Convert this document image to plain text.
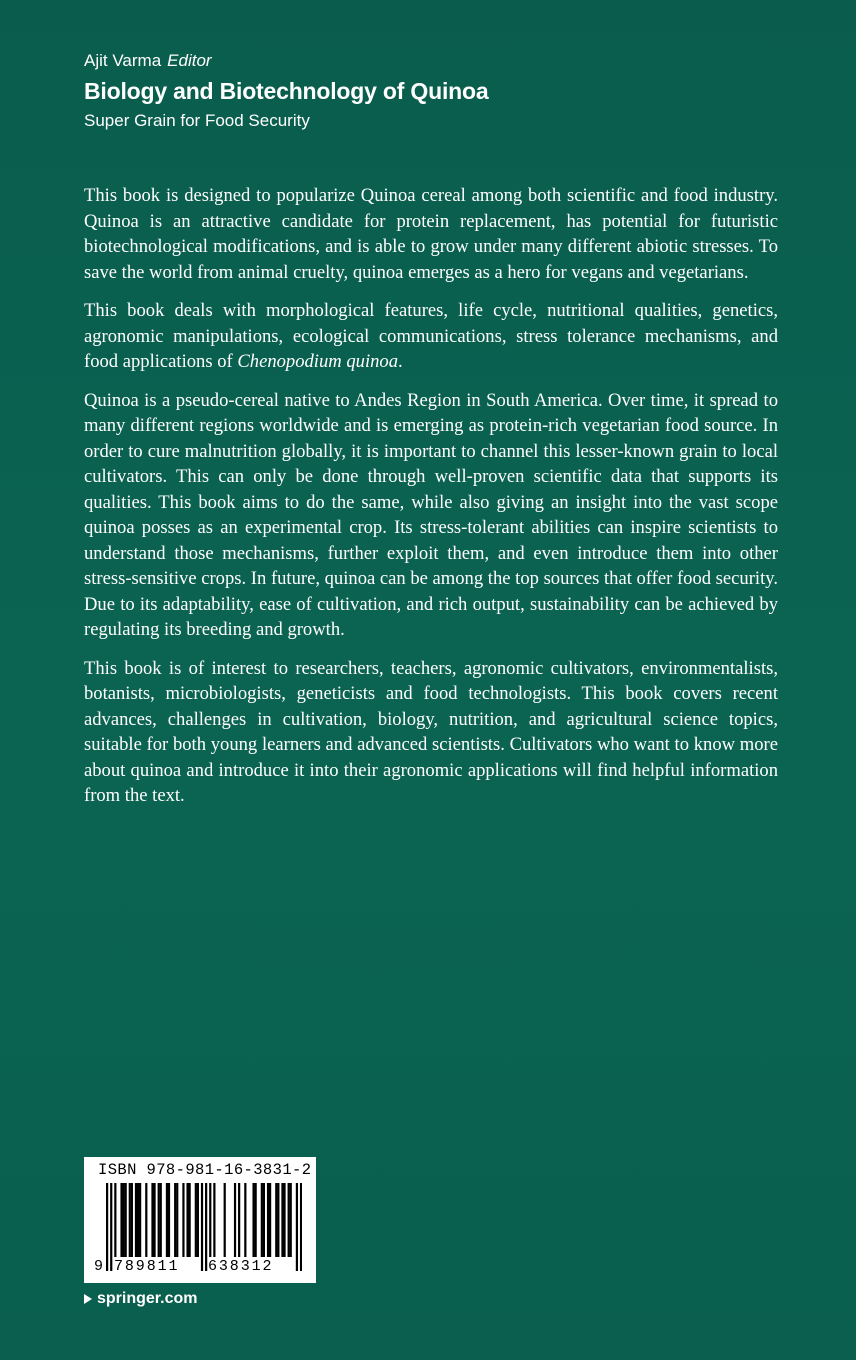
Ajit Varma Editor

Biology and Biotechnology of Quinoa

Super Grain for Food Security

This book is designed to popularize Quinoa cereal among both scientific and food industry. Quinoa is an attractive candidate for protein replacement, has potential for futuristic biotechnological modifications, and is able to grow under many different abiotic stresses. To save the world from animal cruelty, quinoa emerges as a hero for vegans and vegetarians.

This book deals with morphological features, life cycle, nutritional qualities, genetics, agronomic manipulations, ecological communications, stress tolerance mechanisms, and food applications of Chenopodium quinoa.

Quinoa is a pseudo-cereal native to Andes Region in South America. Over time, it spread to many different regions worldwide and is emerging as protein-rich vegetarian food source. In order to cure malnutrition globally, it is important to channel this lesser-known grain to local cultivators. This can only be done through well-proven scientific data that supports its qualities. This book aims to do the same, while also giving an insight into the vast scope quinoa posses as an experimental crop. Its stress-tolerant abilities can inspire scientists to understand those mechanisms, further exploit them, and even introduce them into other stress-sensitive crops. In future, quinoa can be among the top sources that offer food security. Due to its adaptability, ease of cultivation, and rich output, sustainability can be achieved by regulating its breeding and growth.

This book is of interest to researchers, teachers, agronomic cultivators, environmentalists, botanists, microbiologists, geneticists and food technologists. This book covers recent advances, challenges in cultivation, biology, nutrition, and agricultural science topics, suitable for both young learners and advanced scientists. Cultivators who want to know more about quinoa and introduce it into their agronomic applications will find helpful information from the text.

ISBN 978-981-16-3831-2
9 789811 638312
springer.com
